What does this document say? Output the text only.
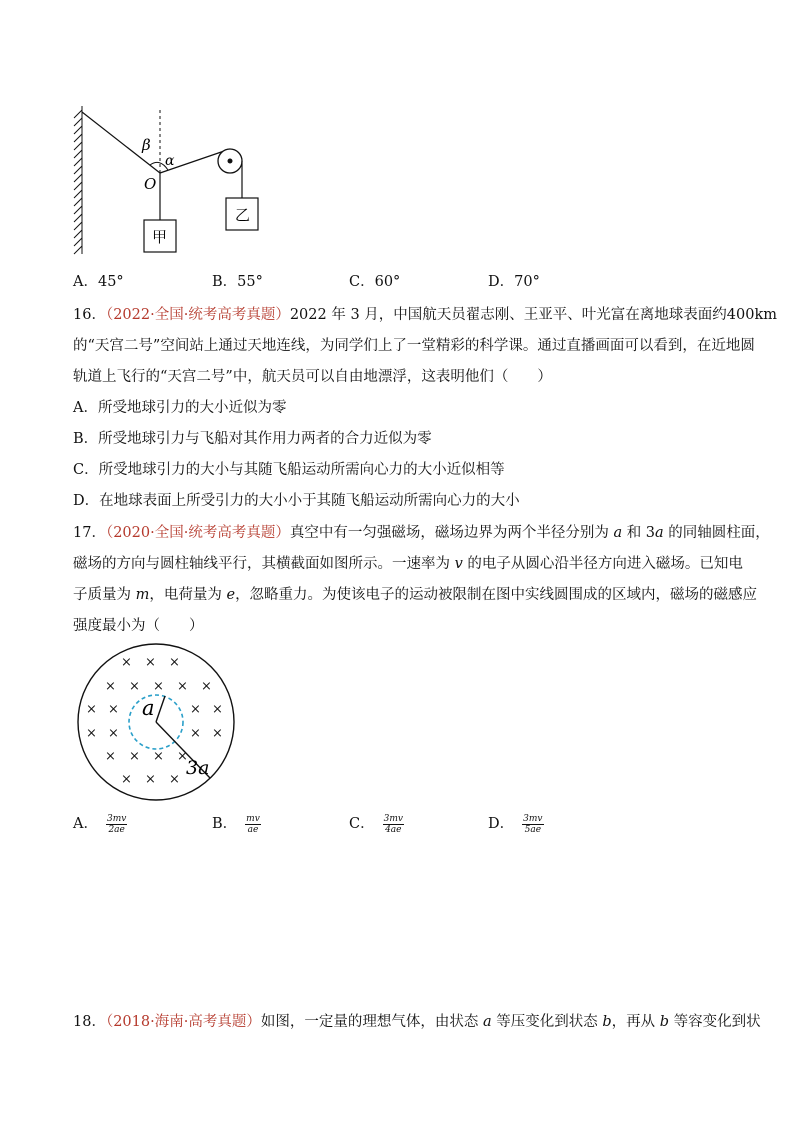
β
α
O
甲
乙
A．45°	B．55°	C．60°	D．70°
16．（2022·全国·统考高考真题）2022 年 3 月，中国航天员翟志刚、王亚平、叶光富在离地球表面约400km
的“天宫二号”空间站上通过天地连线，为同学们上了一堂精彩的科学课。通过直播画面可以看到，在近地圆
轨道上飞行的“天宫二号”中，航天员可以自由地漂浮，这表明他们（　　）
A．所受地球引力的大小近似为零
B．所受地球引力与飞船对其作用力两者的合力近似为零
C．所受地球引力的大小与其随飞船运动所需向心力的大小近似相等
D．在地球表面上所受引力的大小小于其随飞船运动所需向心力的大小
17．（2020·全国·统考高考真题）真空中有一匀强磁场，磁场边界为两个半径分别为 a 和 3a 的同轴圆柱面，
磁场的方向与圆柱轴线平行，其横截面如图所示。一速率为 v 的电子从圆心沿半径方向进入磁场。已知电
子质量为 m，电荷量为 e，忽略重力。为使该电子的运动被限制在图中实线圆围成的区域内，磁场的磁感应
强度最小为（　　）
× × ×
× × × × ×
× ×	× ×
× ×	× ×
× × × ×
× × ×
a
3a
A． $\frac{3mv}{2ae}$	B． $\frac{mv}{ae}$	C． $\frac{3mv}{4ae}$	D． $\frac{3mv}{5ae}$
18．（2018·海南·高考真题）如图，一定量的理想气体，由状态 a 等压变化到状态 b，再从 b 等容变化到状
